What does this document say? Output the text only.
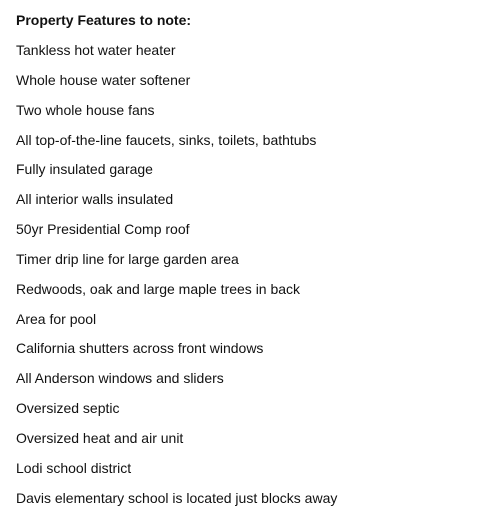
Property Features to note:

Tankless hot water heater
Whole house water softener
Two whole house fans
All top-of-the-line faucets, sinks, toilets, bathtubs
Fully insulated garage
All interior walls insulated
50yr Presidential Comp roof
Timer drip line for large garden area
Redwoods, oak and large maple trees in back
Area for pool
California shutters across front windows
All Anderson windows and sliders
Oversized septic
Oversized heat and air unit
Lodi school district
Davis elementary school is located just blocks away
